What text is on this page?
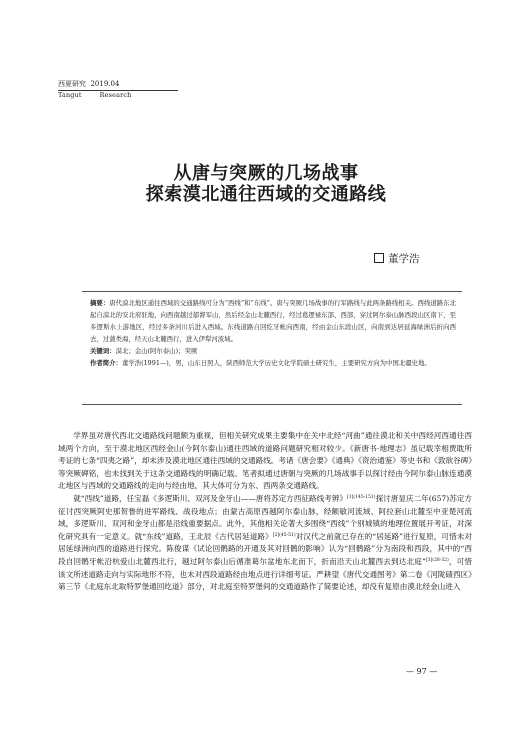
西夏研究 2019.04
Tangut	Research
从唐与突厥的几场战事
探索漠北通往西域的交通路线
董学浩

摘要：唐代漠北地区通往西域的交通路线可分为“西线”和“东线”。唐与突厥几场战事的行军路线与此两条路线相关。西线道路东北起自漠北的安北府驻地，向西南越过郁督军山，然后经金山北麓西行，经过葛逻禄东部、西部，穿过阿尔泰山脉西段山区南下，至多逻斯水上游地区，经过多条河川后进入西域。东线道路自回纥牙帐向西南，经由金山东段山区，向南到达居延海绿洲后折向西去，过蒲类海，经天山北麓西行，进入伊犁河流域。

关键词：漠北；金山(阿尔泰山)；突厥

作者简介：董学浩(1991—)，男，山东日照人，陕西师范大学历史文化学院硕士研究生，主要研究方向为中国北疆史地。

学界虽对唐代西北交通路线问题颇为重视，但相关研究成果主要集中在关中北经“河曲”通往漠北和关中西经河西通往西域两个方向，至于漠北地区西经金山(今阿尔泰山)通往西域的道路问题研究相对较少。《新唐书·地理志》虽记载幸相贾耽所考证的七条“四夷之路”，却未涉及漠北地区通往西域的交通路线。考诸《唐会要》《通典》《资治通鉴》等史书和《敦欲谷碑》等突厥碑铭，也未找到关于这条交通路线的明确记载。笔者拟通过唐朝与突厥的几场战事手以探讨经由今阿尔泰山脉连通漠北地区与西域的交通路线的走向与经由地，其大体可分为东、西两条交通路线。

就“西线”道路，任宝磊《多逻斯川、双河及金牙山——唐将苏定方西征路线考辨》$^{[1](145-151)}$探讨唐显庆二年(657)苏定方征讨西突厥阿史那贺鲁的进军路线、战役地点；由蒙古高原西越阿尔泰山脉，经额敏河流域、阿拉套山北麓至中亚楚河流域，多逻斯川、双河和金牙山都是沿线重要据点。此外，其他相关论著大多围绕“西线”个别城镇的地理位置展开考证，对深化研究具有一定意义。就“东线”道路，王北辰《古代居延道路》$^{[2](45-51)}$对汉代之前就已存在的“居延路”进行复原，可惜未对居延绿洲向西的道路进行探究。陈俊谋《试论回鹘路的开通及其对回鹘的影响》认为“回鹘路”分为南段和西段，其中的“西段自回鹘牙帐沿杭爱山北麓西北行，越过阿尔泰山后循准葛尔盆地东北而下，折而沿天山北麓西去到达北庭”$^{[3](28-32)}$，可惜该文所述道路走向与实际地形不符，也未对西段道路经由地点进行详细考证。严耕望《唐代交通图考》第二卷《河陇碛西区》第三节《北庭东北取特罗堡通回纥道》部分，对北庭至特罗堡间的交通道路作了简要论述，却没有复原由漠北经金山进入

— 97 —
